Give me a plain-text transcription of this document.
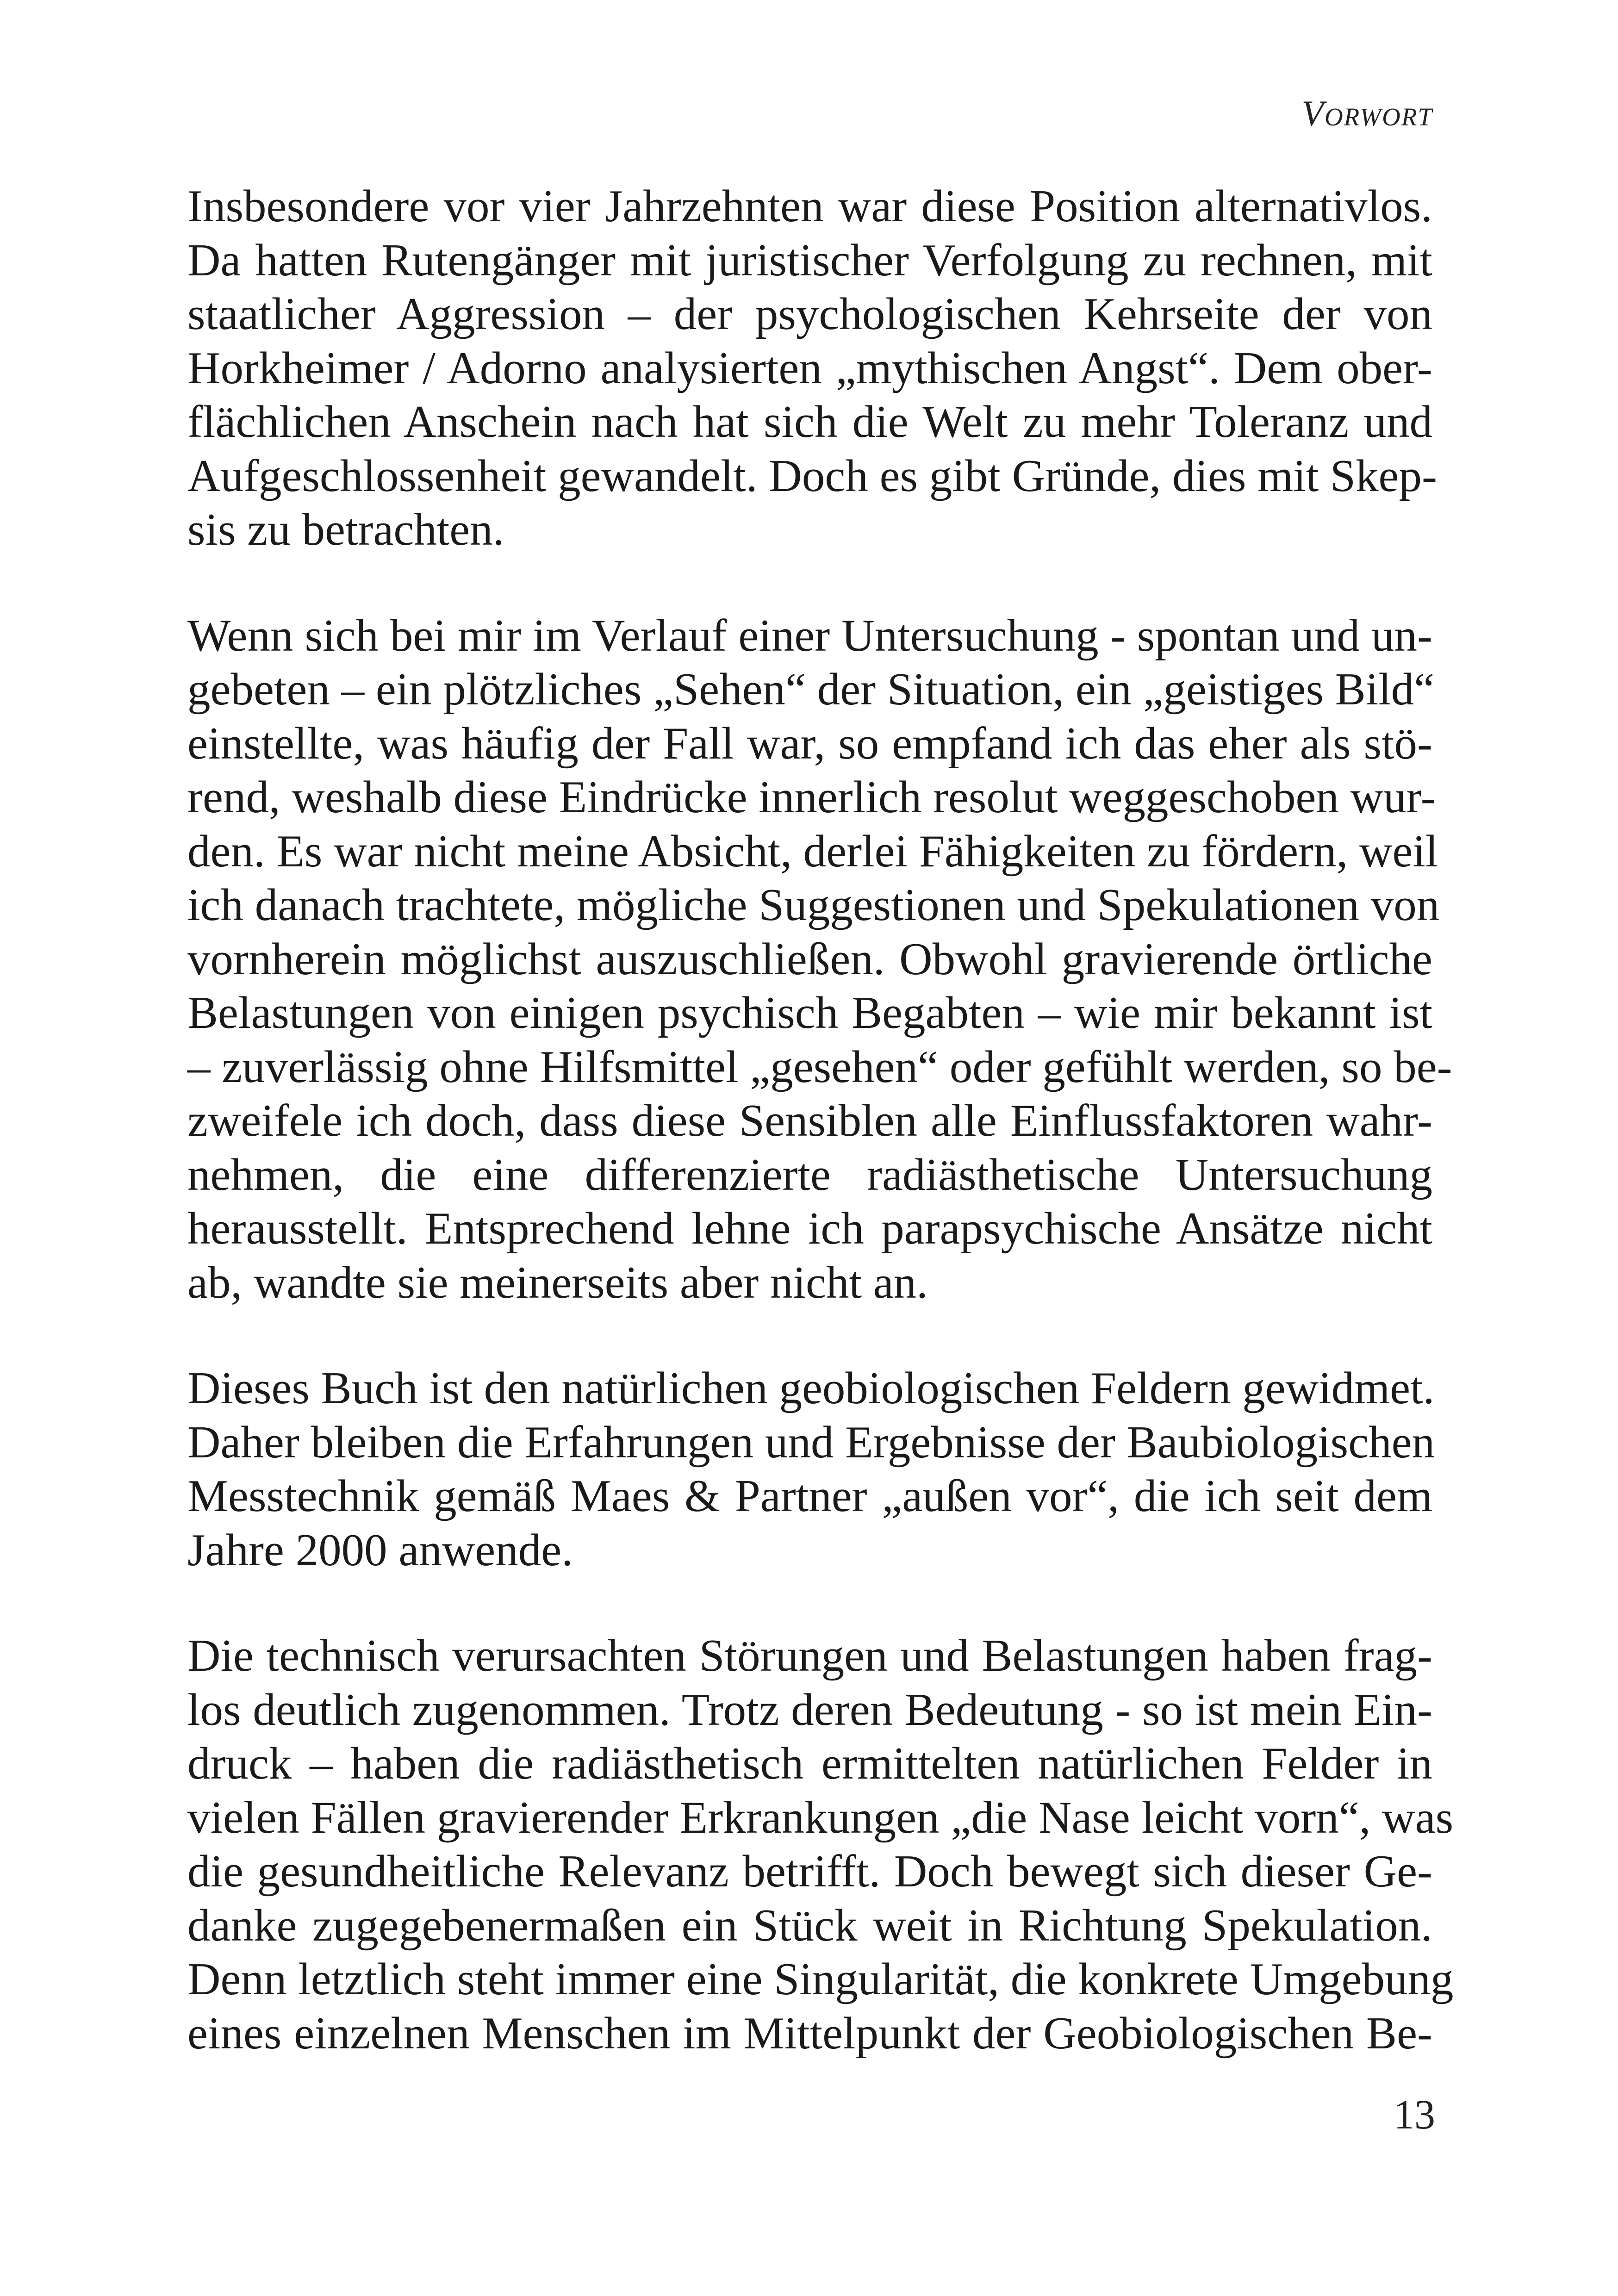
Vorwort
Insbesondere vor vier Jahrzehnten war diese Position alternativlos.
Da hatten Rutengänger mit juristischer Verfolgung zu rechnen, mit
staatlicher Aggression – der psychologischen Kehrseite der von
Horkheimer / Adorno analysierten „mythischen Angst“. Dem ober-
flächlichen Anschein nach hat sich die Welt zu mehr Toleranz und
Aufgeschlossenheit gewandelt. Doch es gibt Gründe, dies mit Skep-
sis zu betrachten.
Wenn sich bei mir im Verlauf einer Untersuchung - spontan und un-
gebeten – ein plötzliches „Sehen“ der Situation, ein „geistiges Bild“
einstellte, was häufig der Fall war, so empfand ich das eher als stö-
rend, weshalb diese Eindrücke innerlich resolut weggeschoben wur-
den. Es war nicht meine Absicht, derlei Fähigkeiten zu fördern, weil
ich danach trachtete, mögliche Suggestionen und Spekulationen von
vornherein möglichst auszuschließen. Obwohl gravierende örtliche
Belastungen von einigen psychisch Begabten – wie mir bekannt ist
– zuverlässig ohne Hilfsmittel „gesehen“ oder gefühlt werden, so be-
zweifele ich doch, dass diese Sensiblen alle Einflussfaktoren wahr-
nehmen, die eine differenzierte radiästhetische Untersuchung
herausstellt. Entsprechend lehne ich parapsychische Ansätze nicht
ab, wandte sie meinerseits aber nicht an.
Dieses Buch ist den natürlichen geobiologischen Feldern gewidmet.
Daher bleiben die Erfahrungen und Ergebnisse der Baubiologischen
Messtechnik gemäß Maes & Partner „außen vor“, die ich seit dem
Jahre 2000 anwende.
Die technisch verursachten Störungen und Belastungen haben frag-
los deutlich zugenommen. Trotz deren Bedeutung - so ist mein Ein-
druck – haben die radiästhetisch ermittelten natürlichen Felder in
vielen Fällen gravierender Erkrankungen „die Nase leicht vorn“, was
die gesundheitliche Relevanz betrifft. Doch bewegt sich dieser Ge-
danke zugegebenermaßen ein Stück weit in Richtung Spekulation.
Denn letztlich steht immer eine Singularität, die konkrete Umgebung
eines einzelnen Menschen im Mittelpunkt der Geobiologischen Be-
13
